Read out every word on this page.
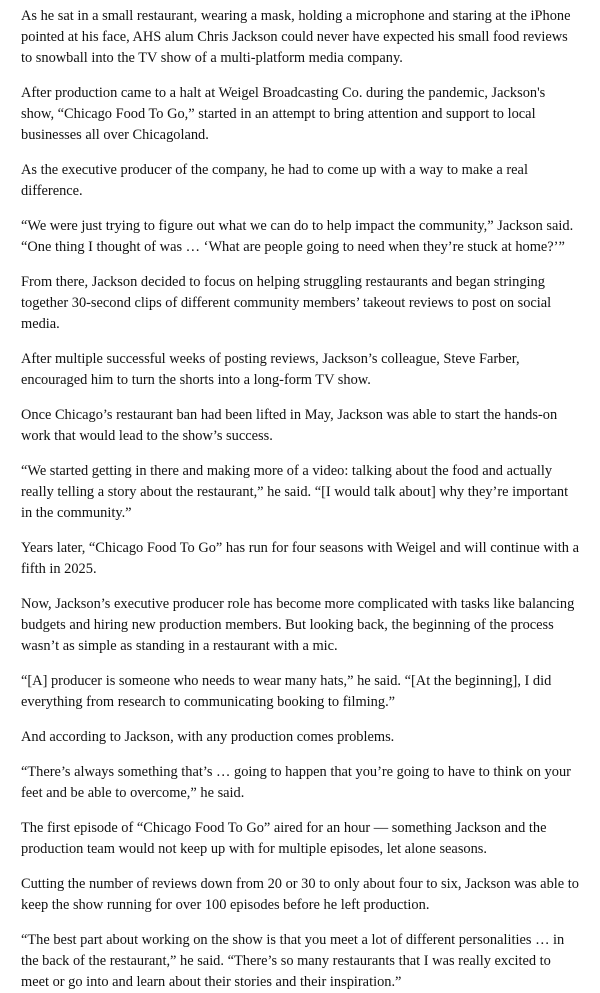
As he sat in a small restaurant, wearing a mask, holding a microphone and staring at the iPhone pointed at his face, AHS alum Chris Jackson could never have expected his small food reviews to snowball into the TV show of a multi-platform media company.

After production came to a halt at Weigel Broadcasting Co. during the pandemic, Jackson's show, “Chicago Food To Go,” started in an attempt to bring attention and support to local businesses all over Chicagoland.

As the executive producer of the company, he had to come up with a way to make a real difference.

“We were just trying to figure out what we can do to help impact the community,” Jackson said. “One thing I thought of was … ‘What are people going to need when they’re stuck at home?’”

From there, Jackson decided to focus on helping struggling restaurants and began stringing together 30-second clips of different community members’ takeout reviews to post on social media.

After multiple successful weeks of posting reviews, Jackson’s colleague, Steve Farber, encouraged him to turn the shorts into a long-form TV show.

Once Chicago’s restaurant ban had been lifted in May, Jackson was able to start the hands-on work that would lead to the show’s success.

“We started getting in there and making more of a video: talking about the food and actually really telling a story about the restaurant,” he said. “[I would talk about] why they’re important in the community.”

Years later, “Chicago Food To Go” has run for four seasons with Weigel and will continue with a fifth in 2025.

Now, Jackson’s executive producer role has become more complicated with tasks like balancing budgets and hiring new production members. But looking back, the beginning of the process wasn’t as simple as standing in a restaurant with a mic.

“[A] producer is someone who needs to wear many hats,” he said. “[At the beginning], I did everything from research to communicating booking to filming.”

And according to Jackson, with any production comes problems.

“There’s always something that’s … going to happen that you’re going to have to think on your feet and be able to overcome,” he said.

The first episode of “Chicago Food To Go” aired for an hour — something Jackson and the production team would not keep up with for multiple episodes, let alone seasons.

Cutting the number of reviews down from 20 or 30 to only about four to six, Jackson was able to keep the show running for over 100 episodes before he left production.

“The best part about working on the show is that you meet a lot of different personalities … in the back of the restaurant,” he said. “There’s so many restaurants that I was really excited to meet or go into and learn about their stories and their inspiration.”
